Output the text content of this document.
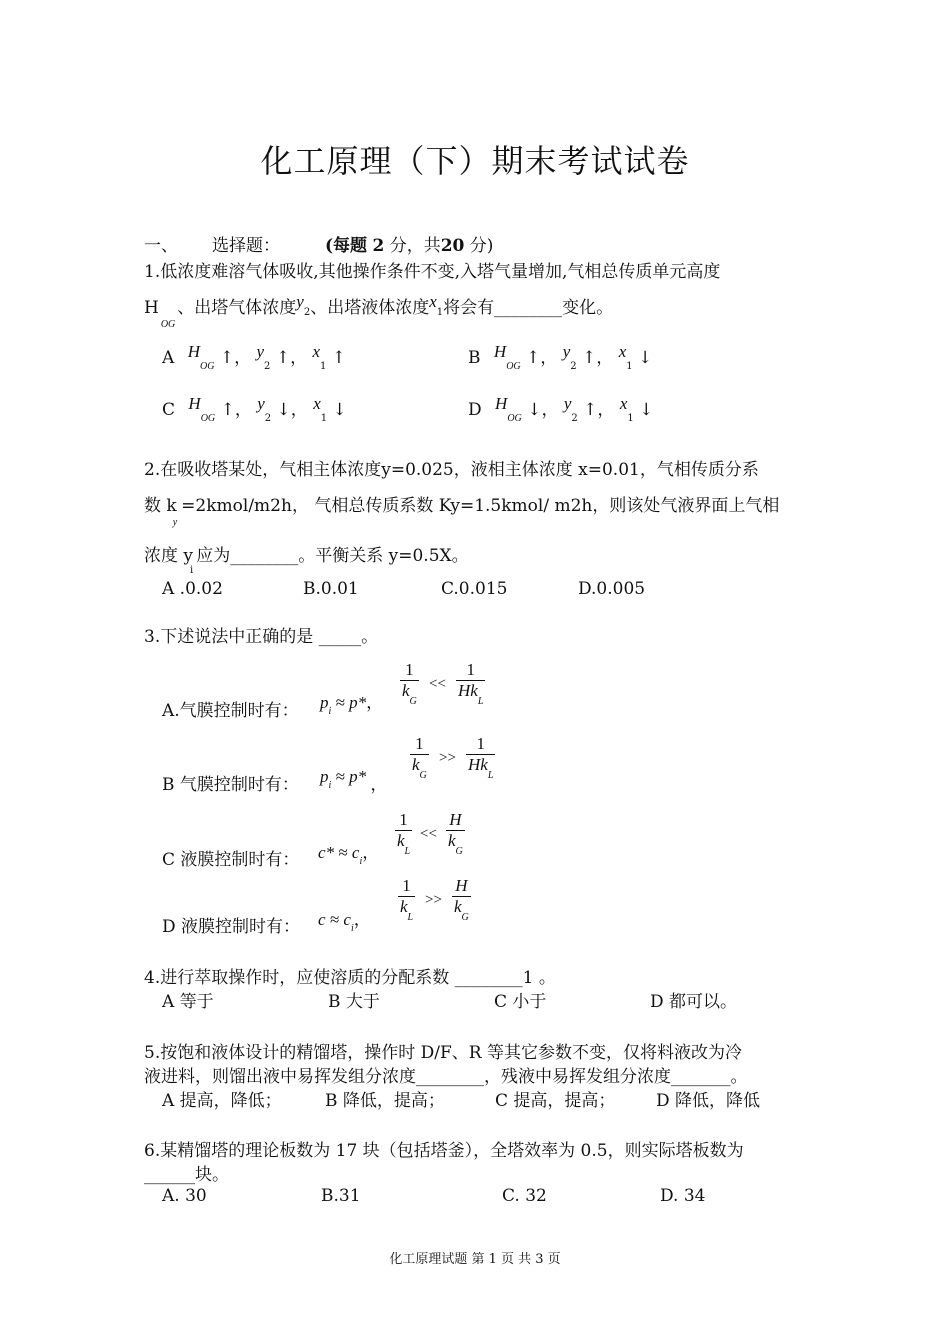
化工原理（下）期末考试试卷
一、 选择题：	(每题 2 分，共20 分)
1.低浓度难溶气体吸收,其他操作条件不变,入塔气量增加,气相总传质单元高度
$H_{OG}$、出塔气体浓度y2、出塔液体浓度x1将会有________变化。
A $H_{OG}$ ↑， $y_2$ ↑， $x_1$ ↑	B $H_{OG}$ ↑， $y_2$ ↑， $x_1$ ↓
C $H_{OG}$ ↑， $y_2$ ↓， $x_1$ ↓	D $H_{OG}$ ↓， $y_2$ ↑， $x_1$ ↓
2.在吸收塔某处，气相主体浓度y=0.025，液相主体浓度 x=0.01，气相传质分系
数 $k_y=2kmol/m2h$， 气相总传质系数 Ky=1.5kmol/ m2h，则该处气液界面上气相
浓度 $y_i$应为________。平衡关系 y=0.5X。
A .0.02	B.0.01	C.0.015	D.0.005
3.下述说法中正确的是 _____。
A.气膜控制时有： $p_i \approx p*$，
$\frac{1}{k_G}$ <<
1
$Hk_L$
B 气膜控制时有： $p_i \approx p*$ ，
$\frac{1}{k_G}$ >>
1
$Hk_L$
C 液膜控制时有： $c* \approx c_i$，
$\frac{1}{k_L} << \frac{H}{k_G}$
D 液膜控制时有： $c \approx c_i$，
$\frac{1}{k_L} >> \frac{H}{k_G}$
4.进行萃取操作时，应使溶质的分配系数 ________1 。
A 等于	B 大于	C 小于	D 都可以。
5.按饱和液体设计的精馏塔，操作时 D/F、R 等其它参数不变，仅将料液改为冷
液进料，则馏出液中易挥发组分浓度________，残液中易挥发组分浓度_______。
A 提高，降低；	B 降低，提高；	C 提高，提高； D 降低，降低
6.某精馏塔的理论板数为 17 块（包括塔釜），全塔效率为 0.5，则实际塔板数为
______块。
A. 30	B.31	C. 32	D. 34
化工原理试题 第 1 页 共 3 页
